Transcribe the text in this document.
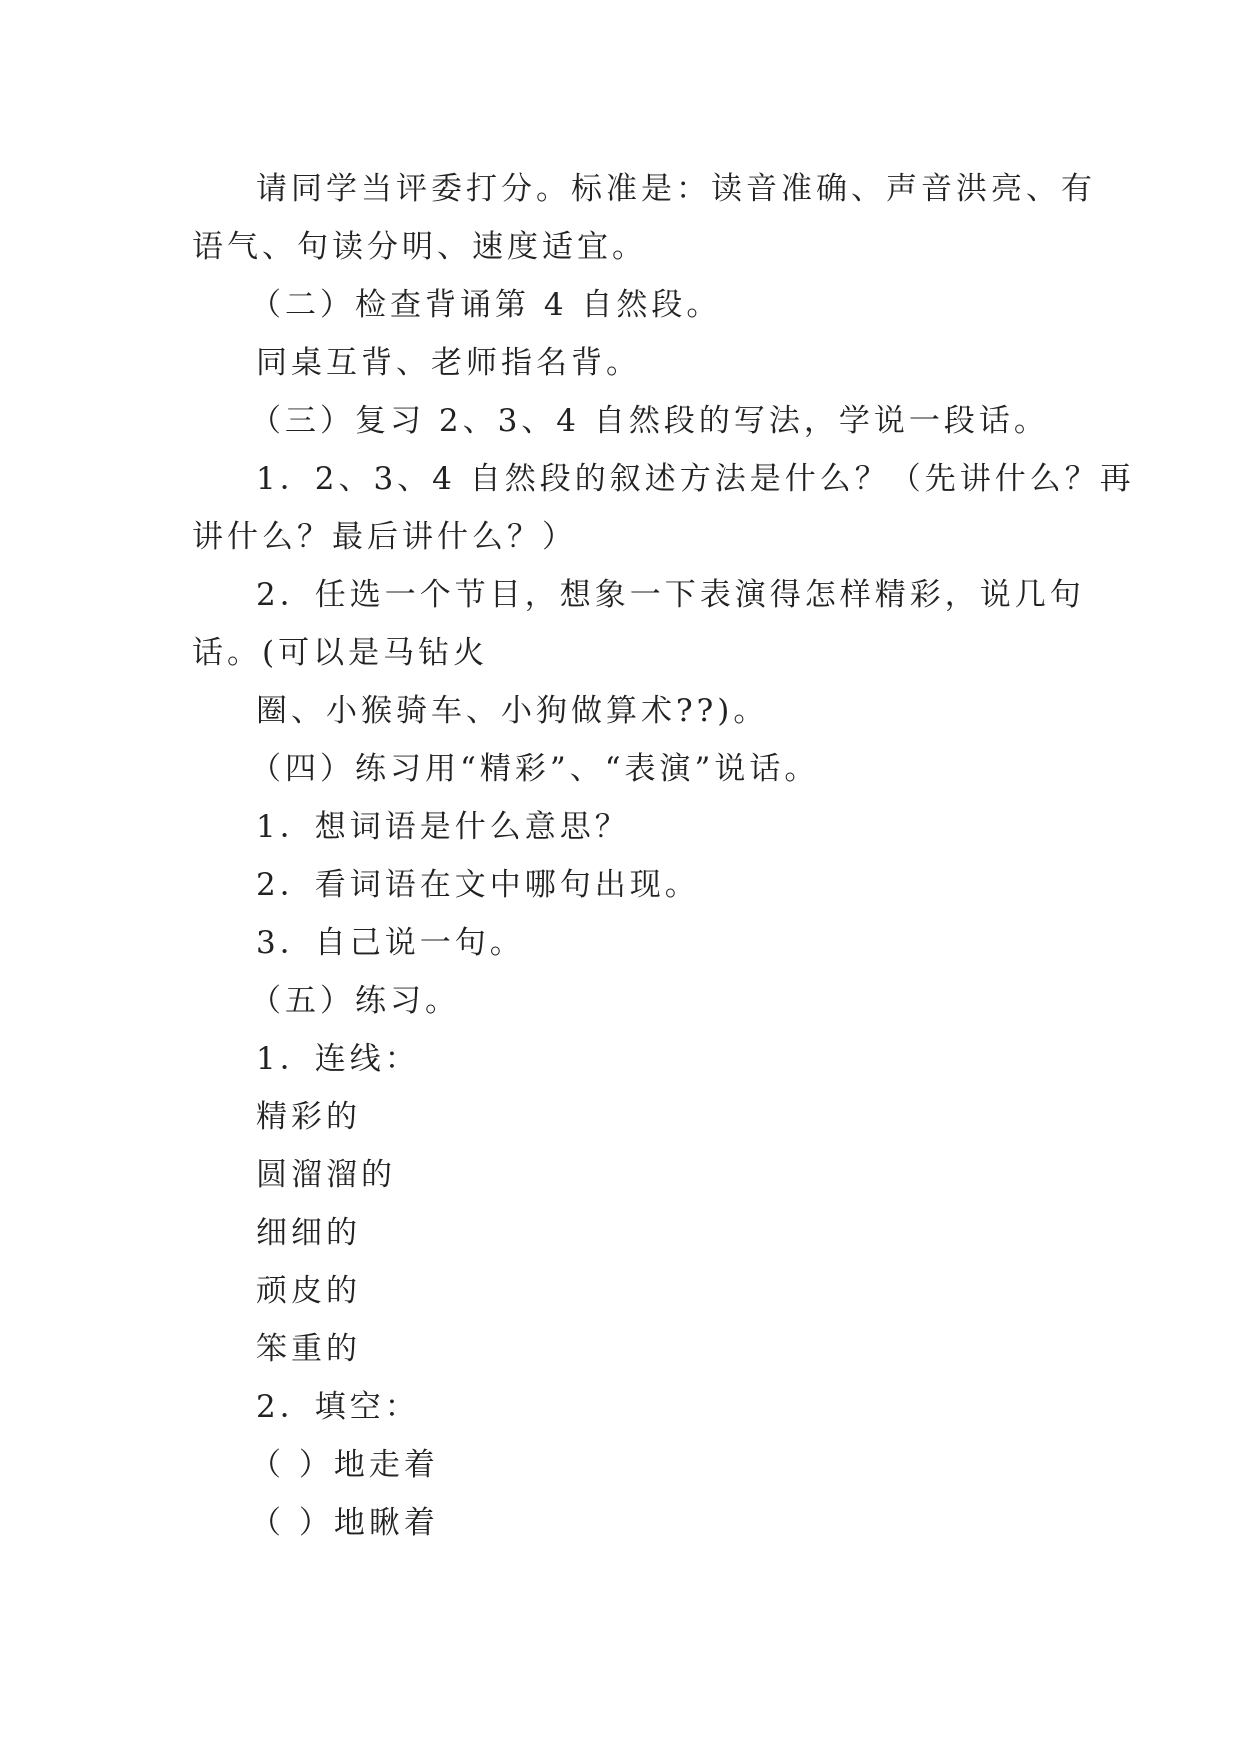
请同学当评委打分。标准是：读音准确、声音洪亮、有
语气、句读分明、速度适宜。
（二）检查背诵第 4 自然段。
同桌互背、老师指名背。
（三）复习 2、3、4 自然段的写法，学说一段话。
1．2、3、4 自然段的叙述方法是什么？（先讲什么？再
讲什么？最后讲什么？）
2．任选一个节目，想象一下表演得怎样精彩，说几句
话。(可以是马钻火
圈、小猴骑车、小狗做算术??)。
（四）练习用“精彩”、“表演”说话。
1．想词语是什么意思？
2．看词语在文中哪句出现。
3．自己说一句。
（五）练习。
1．连线：
精彩的
圆溜溜的
细细的
顽皮的
笨重的
2．填空：
（ ）地走着
（ ）地瞅着
